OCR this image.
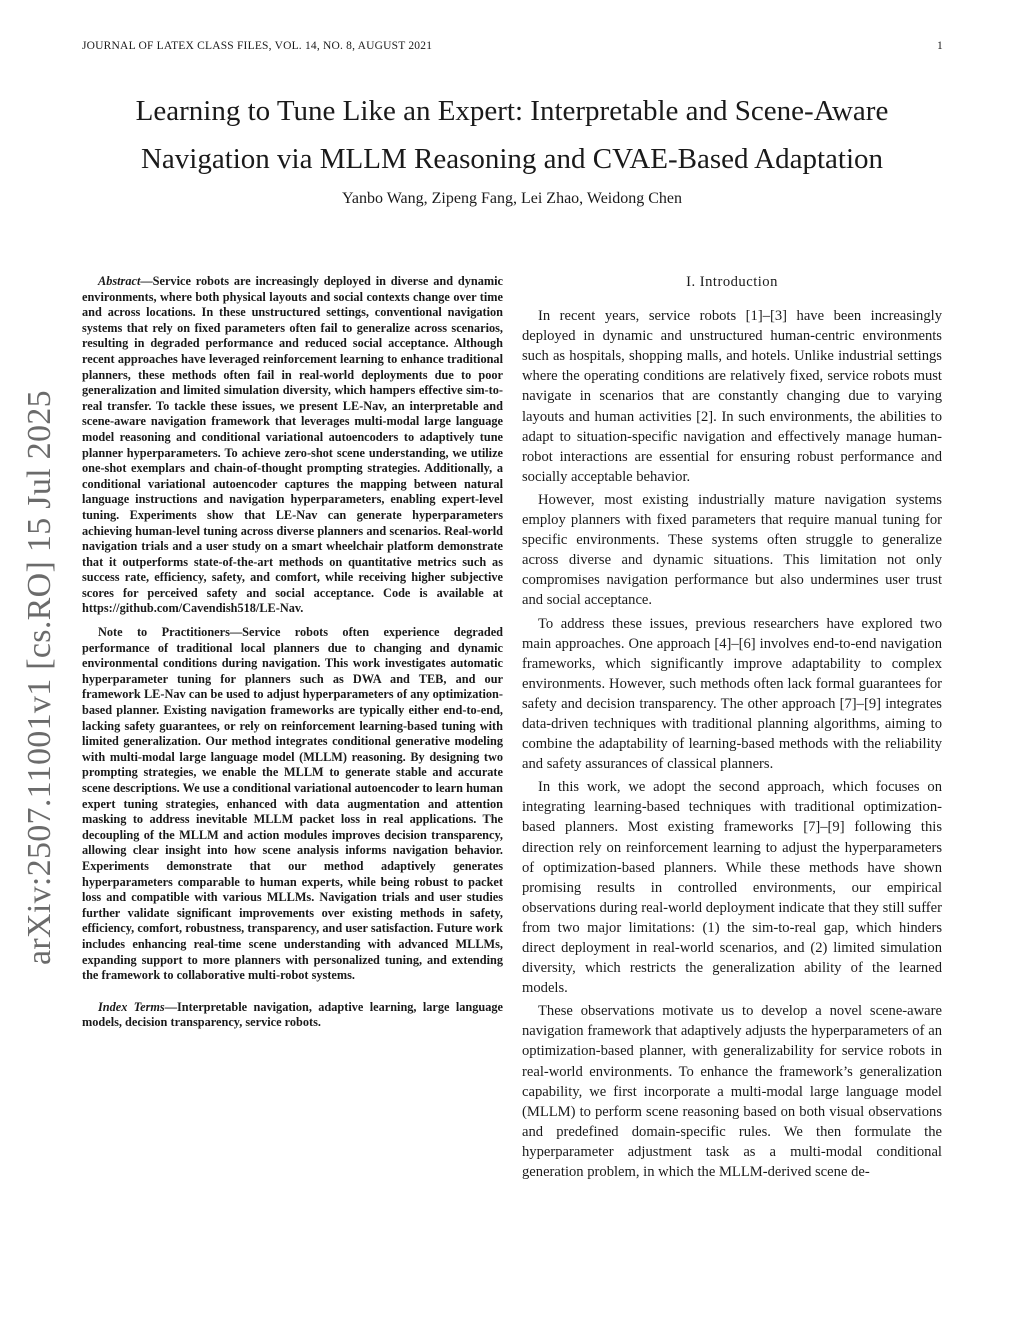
JOURNAL OF LATEX CLASS FILES, VOL. 14, NO. 8, AUGUST 2021	1
Learning to Tune Like an Expert: Interpretable and Scene-Aware
Navigation via MLLM Reasoning and CVAE-Based Adaptation
Yanbo Wang, Zipeng Fang, Lei Zhao, Weidong Chen
arXiv:2507.11001v1 [cs.RO] 15 Jul 2025

Abstract—Service robots are increasingly deployed in diverse and dynamic environments, where both physical layouts and social contexts change over time and across locations. In these unstructured settings, conventional navigation systems that rely on fixed parameters often fail to generalize across scenarios, resulting in degraded performance and reduced social acceptance. Although recent approaches have leveraged reinforcement learning to enhance traditional planners, these methods often fail in real-world deployments due to poor generalization and limited simulation diversity, which hampers effective sim-to-real transfer. To tackle these issues, we present LE-Nav, an interpretable and scene-aware navigation framework that leverages multi-modal large language model reasoning and conditional variational autoencoders to adaptively tune planner hyperparameters. To achieve zero-shot scene understanding, we utilize one-shot exemplars and chain-of-thought prompting strategies. Additionally, a conditional variational autoencoder captures the mapping between natural language instructions and navigation hyperparameters, enabling expert-level tuning. Experiments show that LE-Nav can generate hyperparameters achieving human-level tuning across diverse planners and scenarios. Real-world navigation trials and a user study on a smart wheelchair platform demonstrate that it outperforms state-of-the-art methods on quantitative metrics such as success rate, efficiency, safety, and comfort, while receiving higher subjective scores for perceived safety and social acceptance. Code is available at https://github.com/Cavendish518/LE-Nav.

Note to Practitioners—Service robots often experience degraded performance of traditional local planners due to changing and dynamic environmental conditions during navigation. This work investigates automatic hyperparameter tuning for planners such as DWA and TEB, and our framework LE-Nav can be used to adjust hyperparameters of any optimization-based planner. Existing navigation frameworks are typically either end-to-end, lacking safety guarantees, or rely on reinforcement learning-based tuning with limited generalization. Our method integrates conditional generative modeling with multi-modal large language model (MLLM) reasoning. By designing two prompting strategies, we enable the MLLM to generate stable and accurate scene descriptions. We use a conditional variational autoencoder to learn human expert tuning strategies, enhanced with data augmentation and attention masking to address inevitable MLLM packet loss in real applications. The decoupling of the MLLM and action modules improves decision transparency, allowing clear insight into how scene analysis informs navigation behavior. Experiments demonstrate that our method adaptively generates hyperparameters comparable to human experts, while being robust to packet loss and compatible with various MLLMs. Navigation trials and user studies further validate significant improvements over existing methods in safety, efficiency, comfort, robustness, transparency, and user satisfaction. Future work includes enhancing real-time scene understanding with advanced MLLMs, expanding support to more planners with personalized tuning, and extending the framework to collaborative multi-robot systems.

Index Terms—Interpretable navigation, adaptive learning, large language models, decision transparency, service robots.

I. Introduction

In recent years, service robots [1]–[3] have been increasingly deployed in dynamic and unstructured human-centric environments such as hospitals, shopping malls, and hotels. Unlike industrial settings where the operating conditions are relatively fixed, service robots must navigate in scenarios that are constantly changing due to varying layouts and human activities [2]. In such environments, the abilities to adapt to situation-specific navigation and effectively manage human-robot interactions are essential for ensuring robust performance and socially acceptable behavior.

However, most existing industrially mature navigation systems employ planners with fixed parameters that require manual tuning for specific environments. These systems often struggle to generalize across diverse and dynamic situations. This limitation not only compromises navigation performance but also undermines user trust and social acceptance.

To address these issues, previous researchers have explored two main approaches. One approach [4]–[6] involves end-to-end navigation frameworks, which significantly improve adaptability to complex environments. However, such methods often lack formal guarantees for safety and decision transparency. The other approach [7]–[9] integrates data-driven techniques with traditional planning algorithms, aiming to combine the adaptability of learning-based methods with the reliability and safety assurances of classical planners.

In this work, we adopt the second approach, which focuses on integrating learning-based techniques with traditional optimization-based planners. Most existing frameworks [7]–[9] following this direction rely on reinforcement learning to adjust the hyperparameters of optimization-based planners. While these methods have shown promising results in controlled environments, our empirical observations during real-world deployment indicate that they still suffer from two major limitations: (1) the sim-to-real gap, which hinders direct deployment in real-world scenarios, and (2) limited simulation diversity, which restricts the generalization ability of the learned models.

These observations motivate us to develop a novel scene-aware navigation framework that adaptively adjusts the hyperparameters of an optimization-based planner, with generalizability for service robots in real-world environments. To enhance the framework’s generalization capability, we first incorporate a multi-modal large language model (MLLM) to perform scene reasoning based on both visual observations and predefined domain-specific rules. We then formulate the hyperparameter adjustment task as a multi-modal conditional generation problem, in which the MLLM-derived scene de-
